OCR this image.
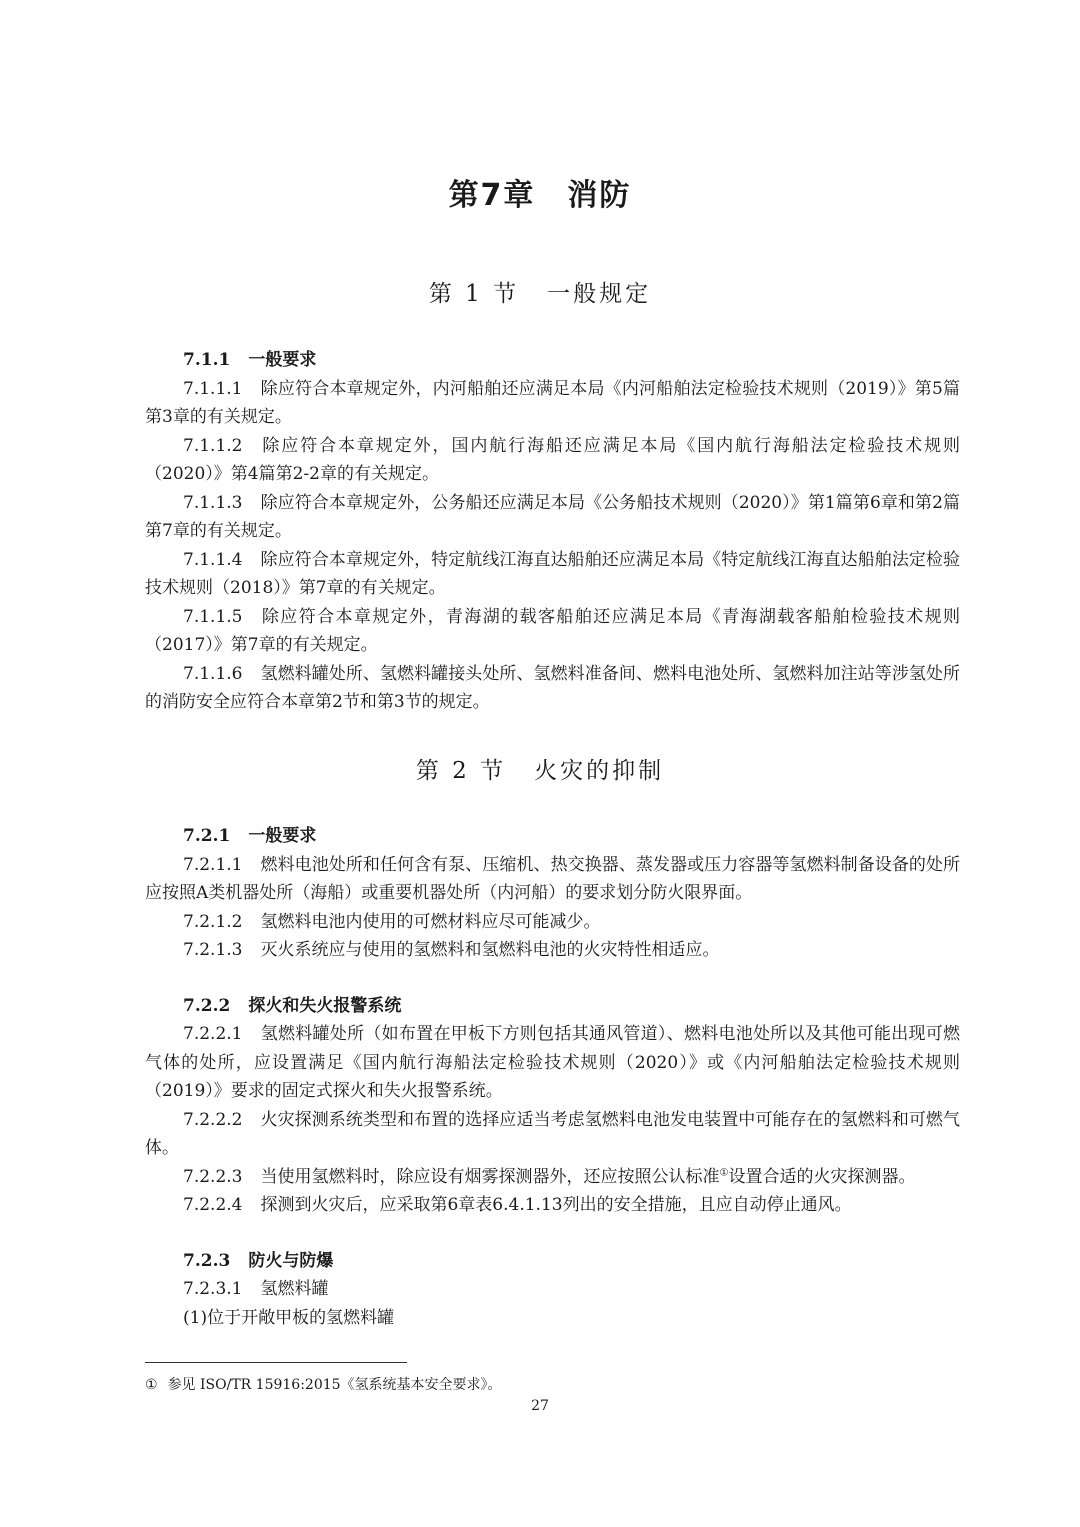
第7章　消防
第 1 节 一般规定
7.1.1 一般要求
7.1.1.1 除应符合本章规定外，内河船舶还应满足本局《内河船舶法定检验技术规则（2019）》第5篇第3章的有关规定。
7.1.1.2 除应符合本章规定外，国内航行海船还应满足本局《国内航行海船法定检验技术规则（2020）》第4篇第2-2章的有关规定。
7.1.1.3 除应符合本章规定外，公务船还应满足本局《公务船技术规则（2020）》第1篇第6章和第2篇第7章的有关规定。
7.1.1.4 除应符合本章规定外，特定航线江海直达船舶还应满足本局《特定航线江海直达船舶法定检验技术规则（2018）》第7章的有关规定。
7.1.1.5 除应符合本章规定外，青海湖的载客船舶还应满足本局《青海湖载客船舶检验技术规则（2017）》第7章的有关规定。
7.1.1.6 氢燃料罐处所、氢燃料罐接头处所、氢燃料准备间、燃料电池处所、氢燃料加注站等涉氢处所的消防安全应符合本章第2节和第3节的规定。
第 2 节 火灾的抑制
7.2.1 一般要求
7.2.1.1 燃料电池处所和任何含有泵、压缩机、热交换器、蒸发器或压力容器等氢燃料制备设备的处所应按照A类机器处所（海船）或重要机器处所（内河船）的要求划分防火限界面。
7.2.1.2 氢燃料电池内使用的可燃材料应尽可能减少。
7.2.1.3 灭火系统应与使用的氢燃料和氢燃料电池的火灾特性相适应。
7.2.2 探火和失火报警系统
7.2.2.1 氢燃料罐处所（如布置在甲板下方则包括其通风管道）、燃料电池处所以及其他可能出现可燃气体的处所，应设置满足《国内航行海船法定检验技术规则（2020）》或《内河船舶法定检验技术规则（2019）》要求的固定式探火和失火报警系统。
7.2.2.2 火灾探测系统类型和布置的选择应适当考虑氢燃料电池发电装置中可能存在的氢燃料和可燃气体。
7.2.2.3 当使用氢燃料时，除应设有烟雾探测器外，还应按照公认标准①设置合适的火灾探测器。
7.2.2.4 探测到火灾后，应采取第6章表6.4.1.13列出的安全措施，且应自动停止通风。
7.2.3 防火与防爆
7.2.3.1 氢燃料罐
(1)位于开敞甲板的氢燃料罐
① 参见 ISO/TR 15916:2015《氢系统基本安全要求》。
27
